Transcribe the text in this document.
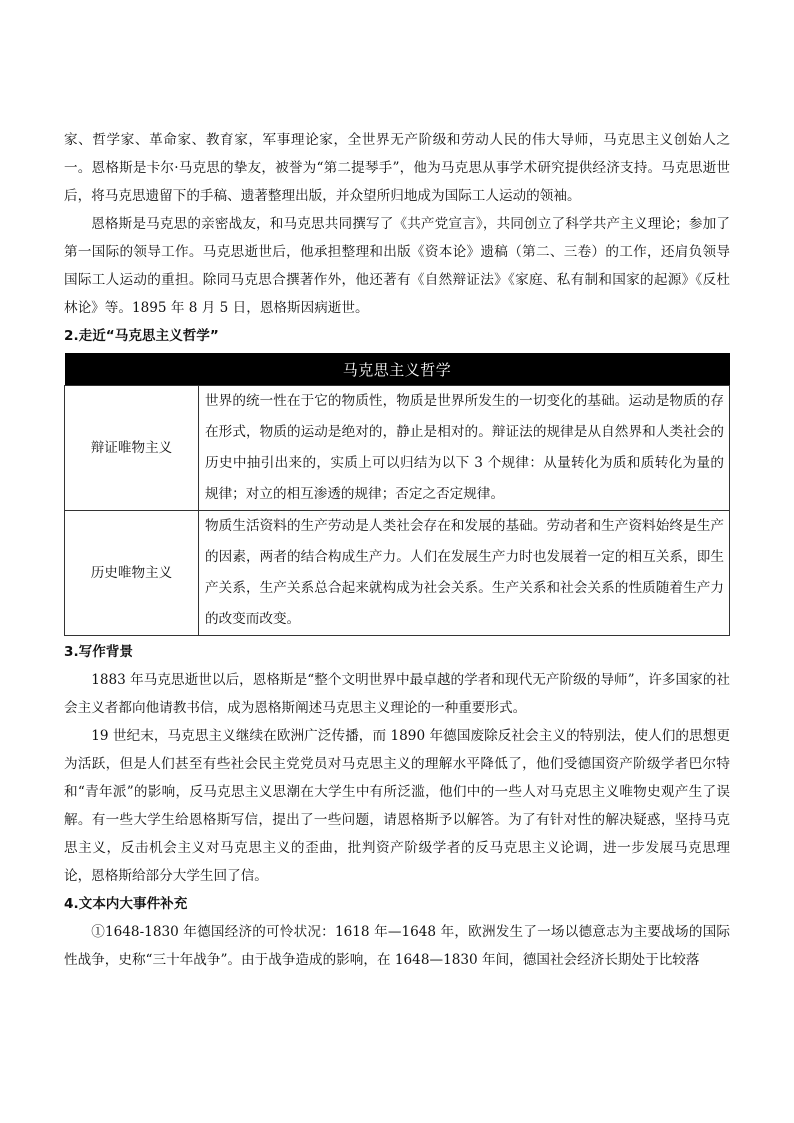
家、哲学家、革命家、教育家，军事理论家，全世界无产阶级和劳动人民的伟大导师，马克思主义创始人之一。恩格斯是卡尔·马克思的挚友，被誉为“第二提琴手”，他为马克思从事学术研究提供经济支持。马克思逝世后，将马克思遗留下的手稿、遗著整理出版，并众望所归地成为国际工人运动的领袖。

恩格斯是马克思的亲密战友，和马克思共同撰写了《共产党宣言》，共同创立了科学共产主义理论；参加了第一国际的领导工作。马克思逝世后，他承担整理和出版《资本论》遗稿（第二、三卷）的工作，还肩负领导国际工人运动的重担。除同马克思合撰著作外，他还著有《自然辩证法》《家庭、私有制和国家的起源》《反杜林论》等。1895 年 8 月 5 日，恩格斯因病逝世。

2.走近“马克思主义哲学”
马克思主义哲学	
辩证唯物主义	世界的统一性在于它的物质性，物质是世界所发生的一切变化的基础。运动是物质的存在形式，物质的运动是绝对的，静止是相对的。辩证法的规律是从自然界和人类社会的历史中抽引出来的，实质上可以归结为以下 3 个规律：从量转化为质和质转化为量的规律；对立的相互渗透的规律；否定之否定规律。
历史唯物主义	物质生活资料的生产劳动是人类社会存在和发展的基础。劳动者和生产资料始终是生产的因素，两者的结合构成生产力。人们在发展生产力时也发展着一定的相互关系，即生产关系，生产关系总合起来就构成为社会关系。生产关系和社会关系的性质随着生产力的改变而改变。
3.写作背景

1883 年马克思逝世以后，恩格斯是“整个文明世界中最卓越的学者和现代无产阶级的导师”，许多国家的社会主义者都向他请教书信，成为恩格斯阐述马克思主义理论的一种重要形式。

19 世纪末，马克思主义继续在欧洲广泛传播，而 1890 年德国废除反社会主义的特别法，使人们的思想更为活跃，但是人们甚至有些社会民主党党员对马克思主义的理解水平降低了，他们受德国资产阶级学者巴尔特和“青年派”的影响，反马克思主义思潮在大学生中有所泛滥，他们中的一些人对马克思主义唯物史观产生了误解。有一些大学生给恩格斯写信，提出了一些问题，请恩格斯予以解答。为了有针对性的解决疑惑，坚持马克思主义，反击机会主义对马克思主义的歪曲，批判资产阶级学者的反马克思主义论调，进一步发展马克思理论，恩格斯给部分大学生回了信。

4.文本内大事件补充

①1648-1830 年德国经济的可怜状况：1618 年—1648 年，欧洲发生了一场以德意志为主要战场的国际性战争，史称“三十年战争”。由于战争造成的影响，在 1648—1830 年间，德国社会经济长期处于比较落
